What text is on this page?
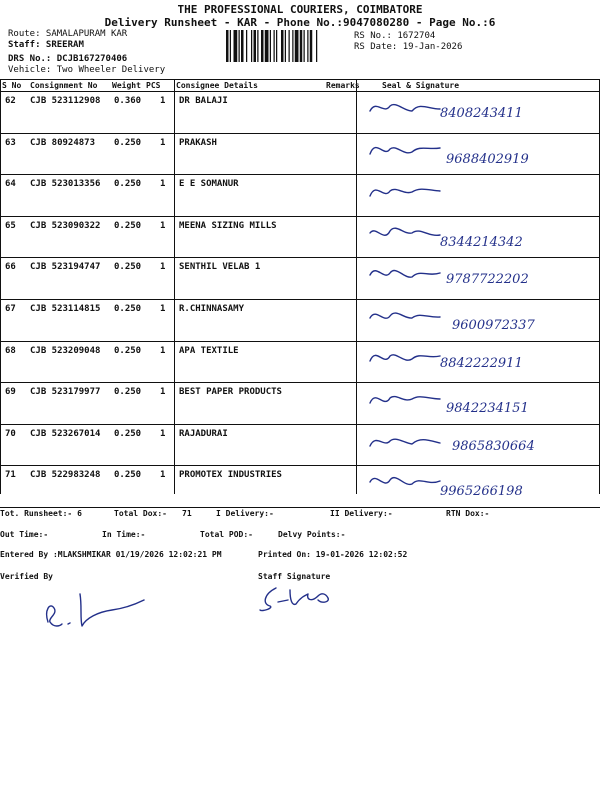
THE PROFESSIONAL COURIERS, COIMBATORE
Delivery Runsheet - KAR - Phone No.:9047080280 - Page No.:6
Route: SAMALAPURAM KAR
Staff: SREERAM
DRS No.: DCJB167270406
Vehicle: Two Wheeler Delivery
RS No.: 1672704
RS Date: 19-Jan-2026
S No Consignment No Weight PCS Consignee Details	Remarks	Seal & Signature
62 CJB 523112908 0.360 1 DR BALAJI
8408243411
63 CJB 80924873 0.250 1 PRAKASH
9688402919
64 CJB 523013356 0.250 1 E E SOMANUR
65 CJB 523090322 0.250 1 MEENA SIZING MILLS
8344214342
66 CJB 523194747 0.250 1 SENTHIL VELAB 1
9787722202
67 CJB 523114815 0.250 1 R.CHINNASAMY
9600972337
68 CJB 523209048 0.250 1 APA TEXTILE
8842222911
69 CJB 523179977 0.250 1 BEST PAPER PRODUCTS
9842234151
70 CJB 523267014 0.250 1 RAJADURAI
9865830664
71 CJB 522983248 0.250 1 PROMOTEX INDUSTRIES
9965266198
Tot. Runsheet:- 6	Total Dox:- 71	I Delivery:-	II Delivery:-	RTN Dox:-
Out Time:-	In Time:-	Total POD:-	Delvy Points:-
Entered By :MLAKSHMIKAR 01/19/2026 12:02:21 PM	Printed On: 19-01-2026 12:02:52
Verified By	Staff Signature
